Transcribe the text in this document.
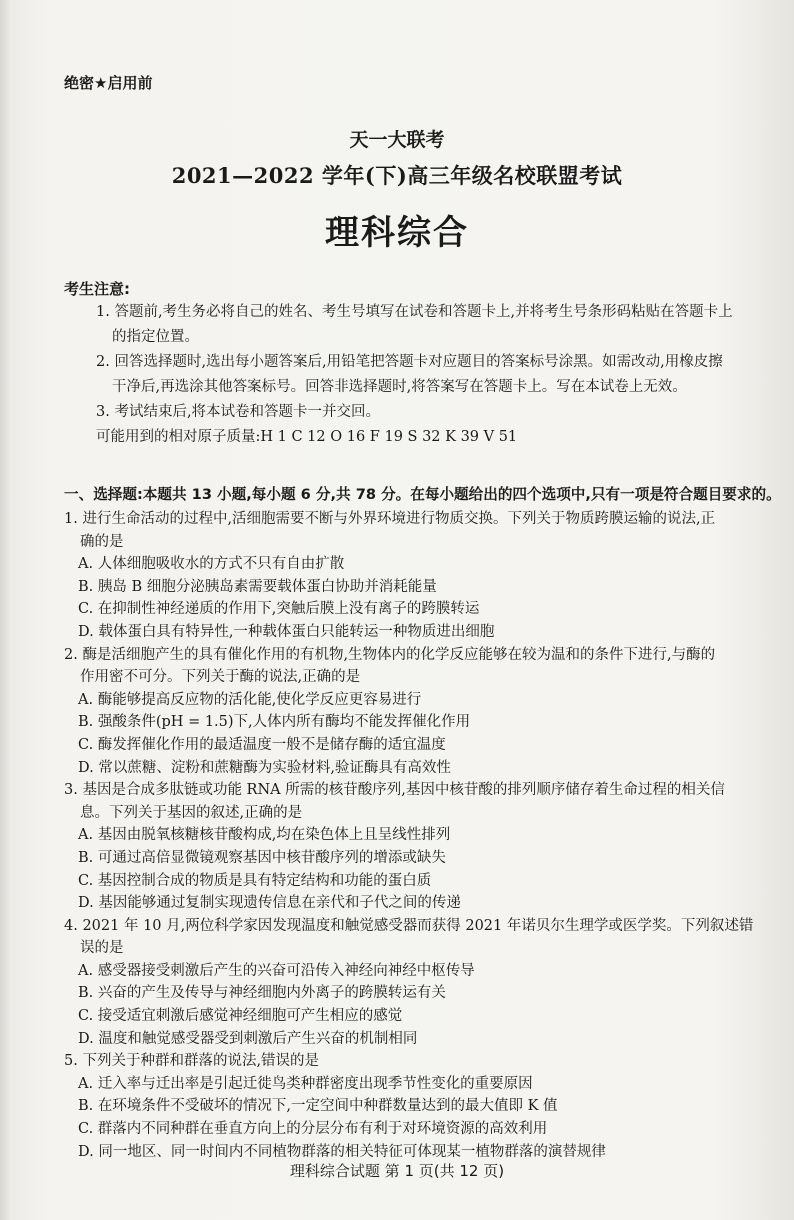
绝密★启用前
天一大联考
2021—2022 学年(下)高三年级名校联盟考试
理科综合
考生注意:
1. 答题前,考生务必将自己的姓名、考生号填写在试卷和答题卡上,并将考生号条形码粘贴在答题卡上
的指定位置。
2. 回答选择题时,选出每小题答案后,用铅笔把答题卡对应题目的答案标号涂黑。如需改动,用橡皮擦
干净后,再选涂其他答案标号。回答非选择题时,将答案写在答题卡上。写在本试卷上无效。
3. 考试结束后,将本试卷和答题卡一并交回。
可能用到的相对原子质量:H 1 C 12 O 16 F 19 S 32 K 39 V 51
一、选择题:本题共 13 小题,每小题 6 分,共 78 分。在每小题给出的四个选项中,只有一项是符合题目要求的。
1. 进行生命活动的过程中,活细胞需要不断与外界环境进行物质交换。下列关于物质跨膜运输的说法,正
确的是
A. 人体细胞吸收水的方式不只有自由扩散
B. 胰岛 B 细胞分泌胰岛素需要载体蛋白协助并消耗能量
C. 在抑制性神经递质的作用下,突触后膜上没有离子的跨膜转运
D. 载体蛋白具有特异性,一种载体蛋白只能转运一种物质进出细胞
2. 酶是活细胞产生的具有催化作用的有机物,生物体内的化学反应能够在较为温和的条件下进行,与酶的
作用密不可分。下列关于酶的说法,正确的是
A. 酶能够提高反应物的活化能,使化学反应更容易进行
B. 强酸条件(pH = 1.5)下,人体内所有酶均不能发挥催化作用
C. 酶发挥催化作用的最适温度一般不是储存酶的适宜温度
D. 常以蔗糖、淀粉和蔗糖酶为实验材料,验证酶具有高效性
3. 基因是合成多肽链或功能 RNA 所需的核苷酸序列,基因中核苷酸的排列顺序储存着生命过程的相关信
息。下列关于基因的叙述,正确的是
A. 基因由脱氧核糖核苷酸构成,均在染色体上且呈线性排列
B. 可通过高倍显微镜观察基因中核苷酸序列的增添或缺失
C. 基因控制合成的物质是具有特定结构和功能的蛋白质
D. 基因能够通过复制实现遗传信息在亲代和子代之间的传递
4. 2021 年 10 月,两位科学家因发现温度和触觉感受器而获得 2021 年诺贝尔生理学或医学奖。下列叙述错
误的是
A. 感受器接受刺激后产生的兴奋可沿传入神经向神经中枢传导
B. 兴奋的产生及传导与神经细胞内外离子的跨膜转运有关
C. 接受适宜刺激后感觉神经细胞可产生相应的感觉
D. 温度和触觉感受器受到刺激后产生兴奋的机制相同
5. 下列关于种群和群落的说法,错误的是
A. 迁入率与迁出率是引起迁徙鸟类种群密度出现季节性变化的重要原因
B. 在环境条件不受破坏的情况下,一定空间中种群数量达到的最大值即 K 值
C. 群落内不同种群在垂直方向上的分层分布有利于对环境资源的高效利用
D. 同一地区、同一时间内不同植物群落的相关特征可体现某一植物群落的演替规律
理科综合试题 第 1 页(共 12 页)
